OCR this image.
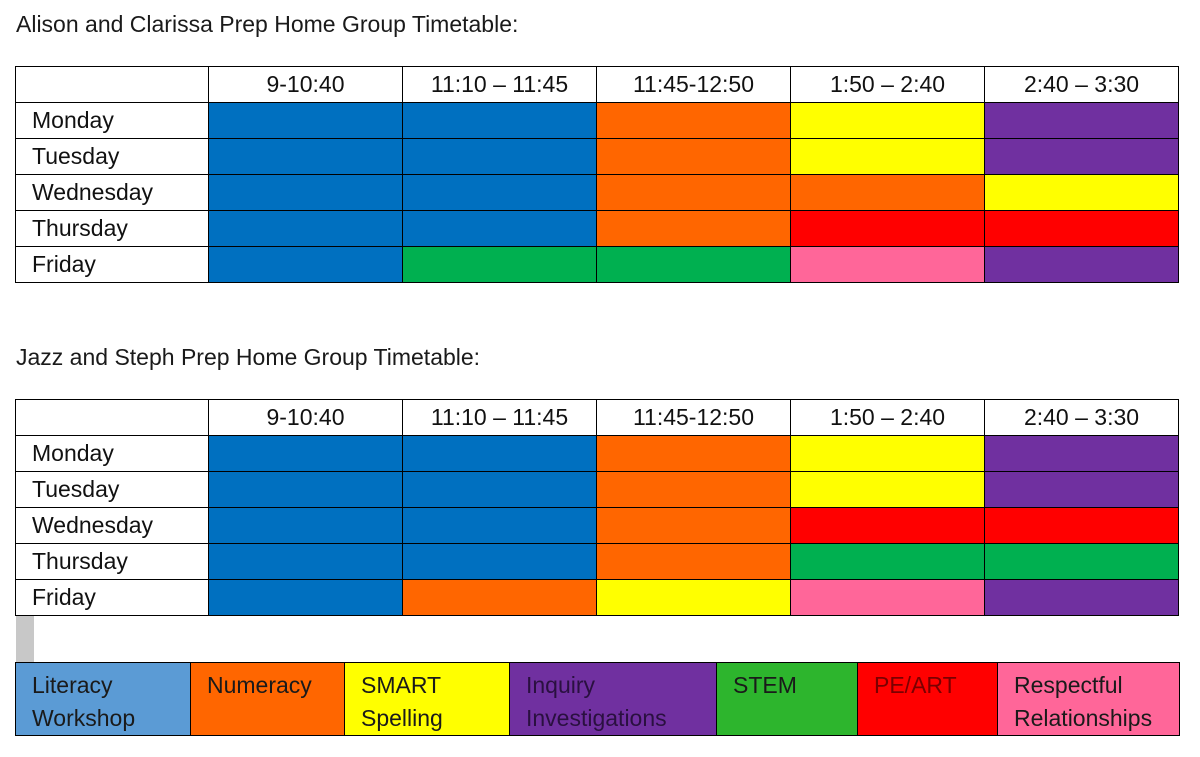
Alison and Clarissa Prep Home Group Timetable:
	9-10:40	11:10 – 11:45	11:45-12:50	1:50 – 2:40	2:40 – 3:30
Monday					
Tuesday					
Wednesday					
Thursday					
Friday					
Jazz and Steph Prep Home Group Timetable:
	9-10:40	11:10 – 11:45	11:45-12:50	1:50 – 2:40	2:40 – 3:30
Monday					
Tuesday					
Wednesday					
Thursday					
Friday					
Literacy Workshop	Numeracy	SMART Spelling	Inquiry Investigations	STEM	PE/ART	Respectful Relationships
